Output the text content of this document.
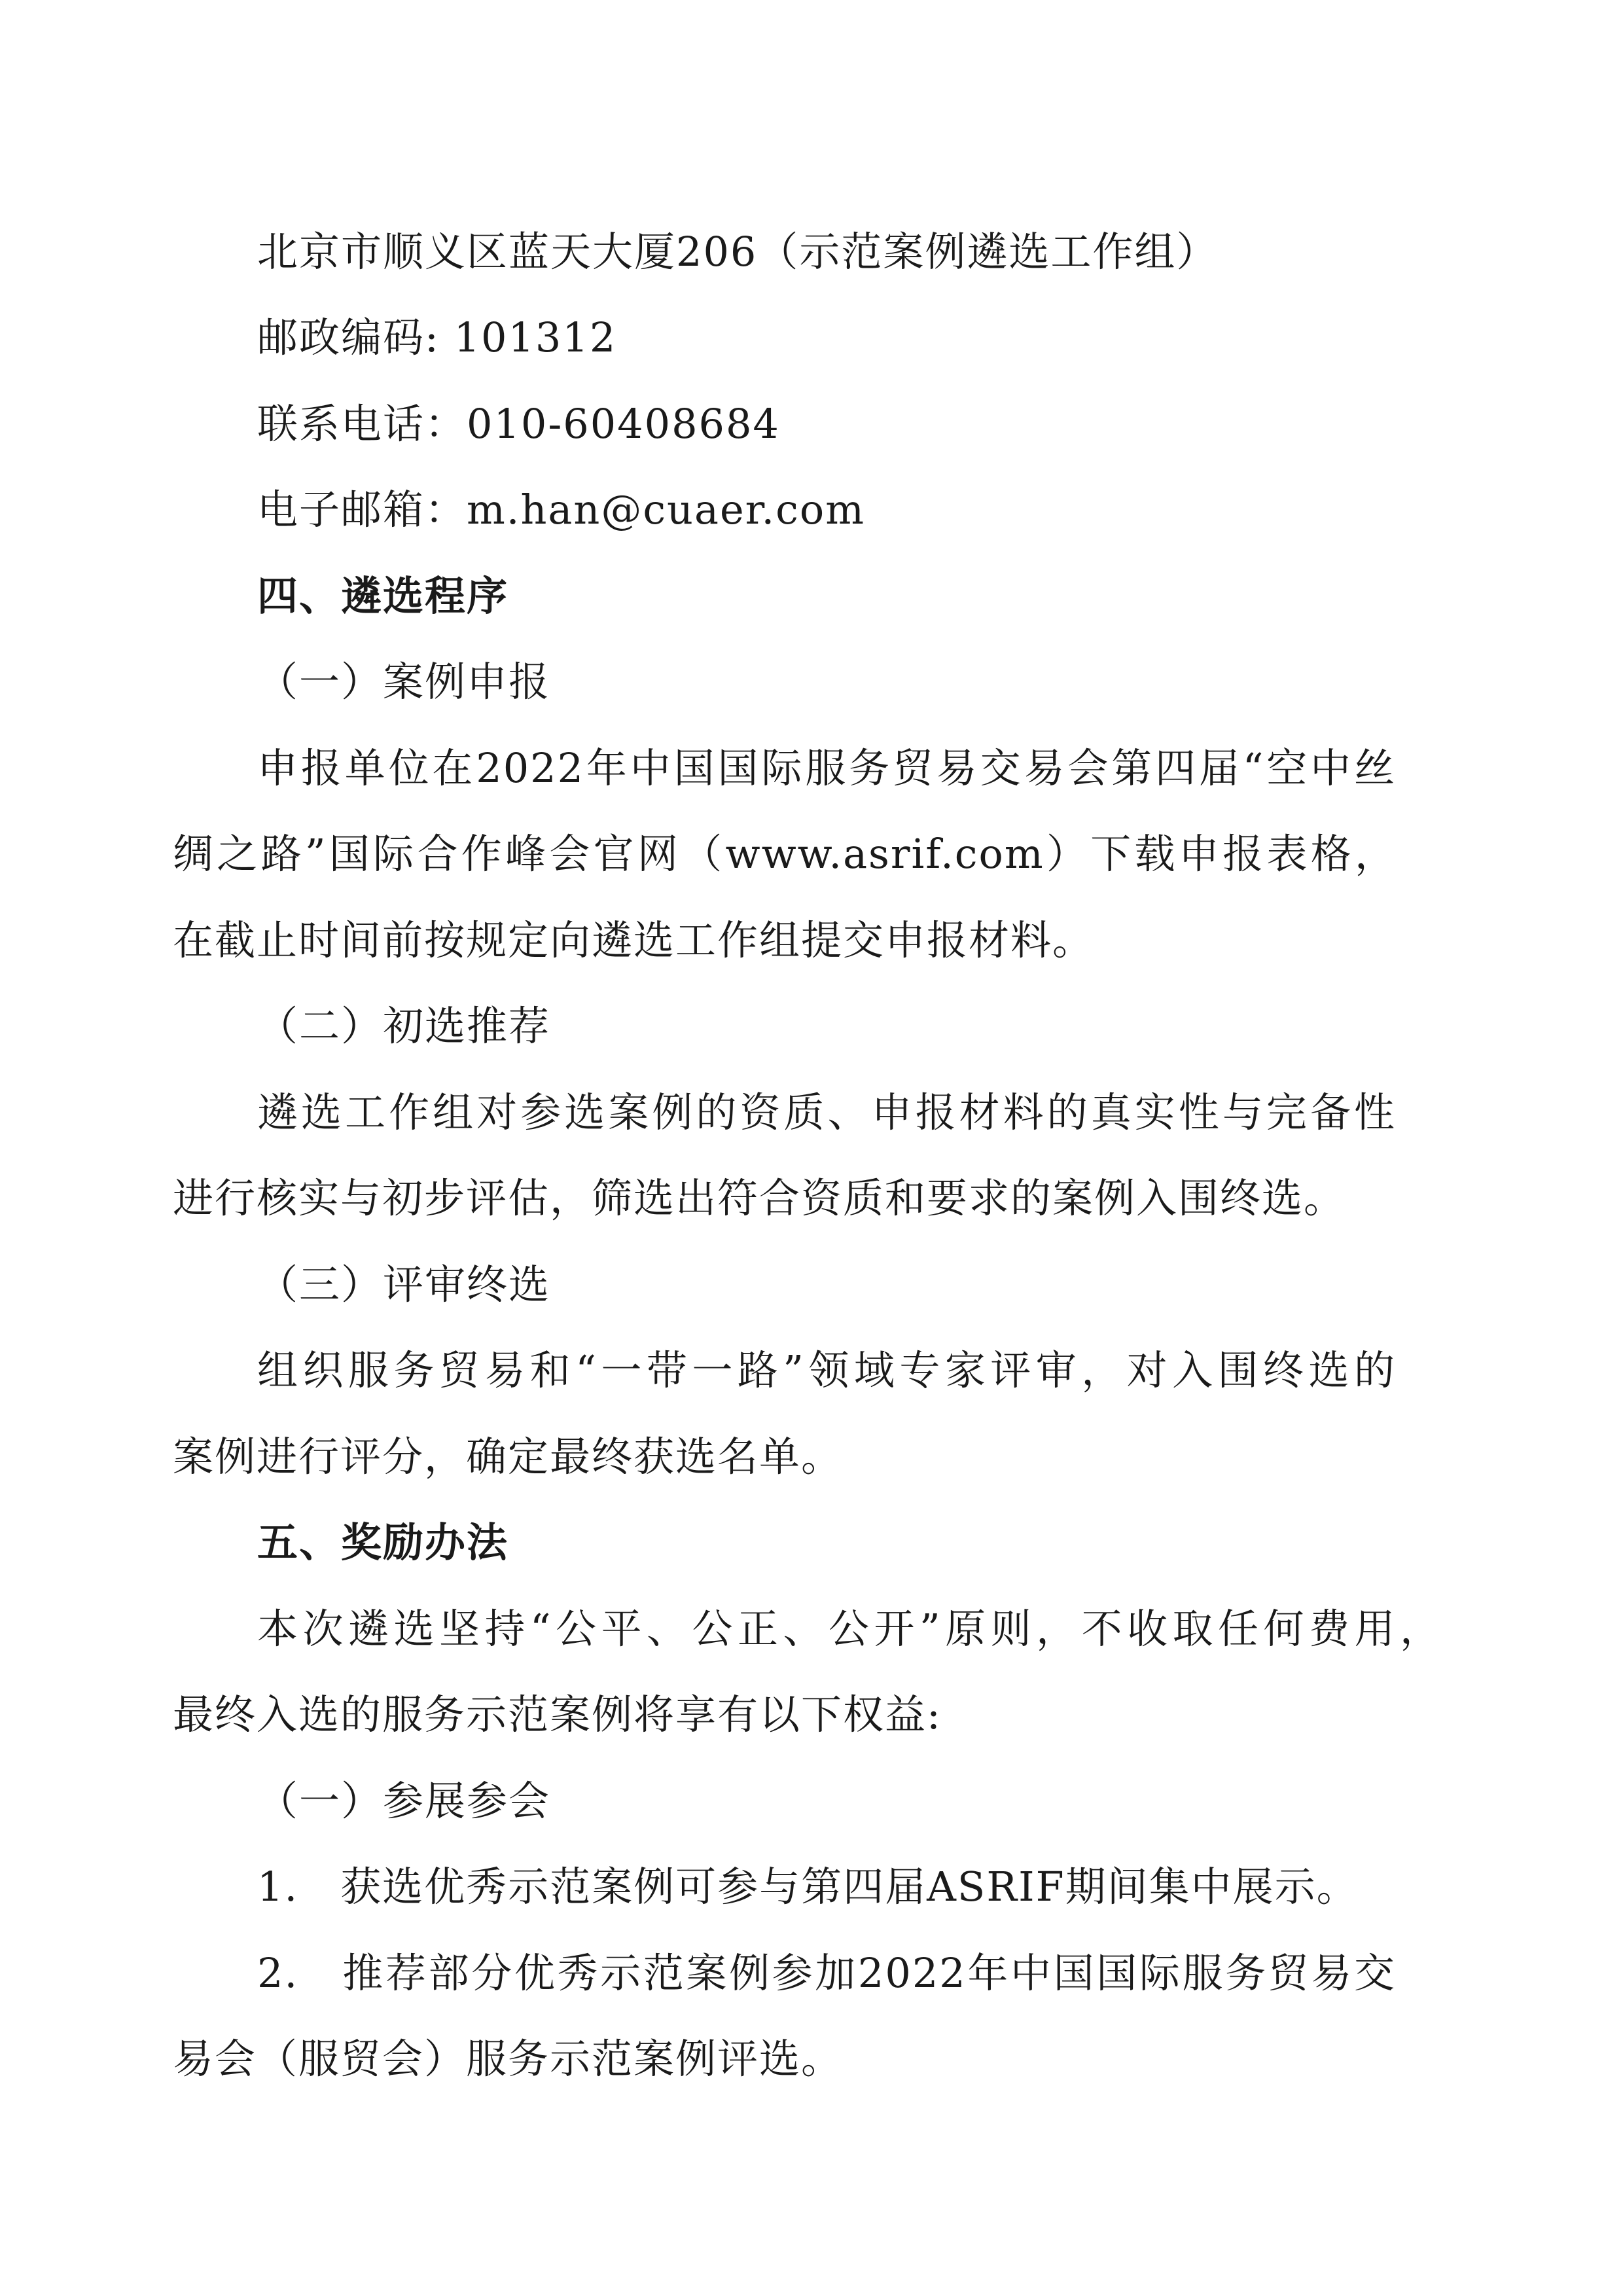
北京市顺义区蓝天大厦206（示范案例遴选工作组）

邮政编码: 101312

联系电话：010-60408684

电子邮箱：m.han@cuaer.com

四、遴选程序

（一）案例申报

申报单位在2022年中国国际服务贸易交易会第四届“空中丝

绸之路”国际合作峰会官网（www.asrif.com）下载申报表格，

在截止时间前按规定向遴选工作组提交申报材料。

（二）初选推荐

遴选工作组对参选案例的资质、申报材料的真实性与完备性

进行核实与初步评估，筛选出符合资质和要求的案例入围终选。

（三）评审终选

组织服务贸易和“一带一路”领域专家评审，对入围终选的

案例进行评分，确定最终获选名单。

五、奖励办法

本次遴选坚持“公平、公正、公开”原则，不收取任何费用，

最终入选的服务示范案例将享有以下权益:

（一）参展参会

1.　获选优秀示范案例可参与第四届ASRIF期间集中展示。

2.　推荐部分优秀示范案例参加2022年中国国际服务贸易交

易会（服贸会）服务示范案例评选。
